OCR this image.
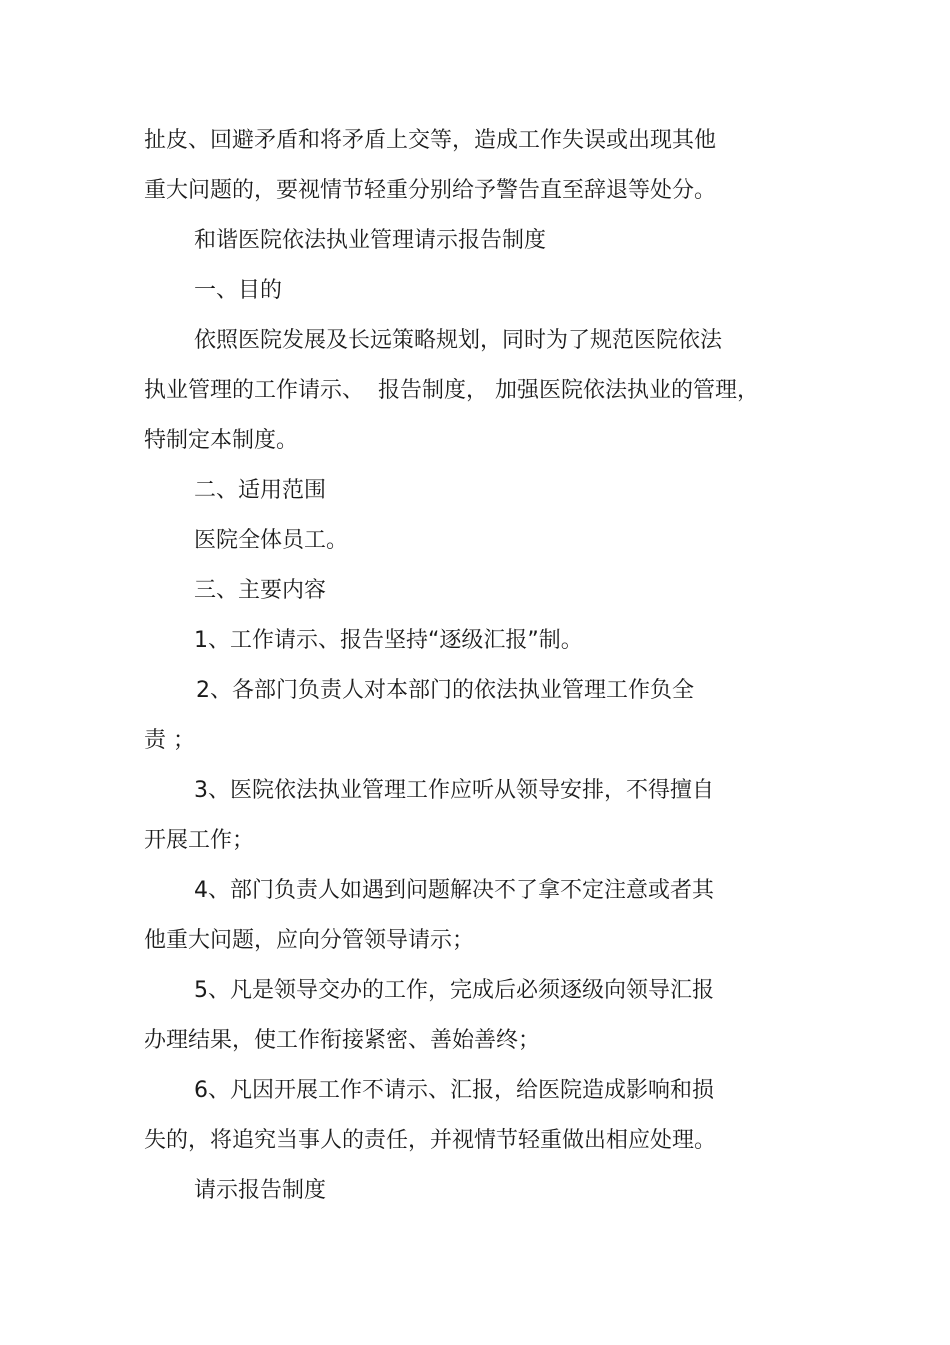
扯皮、回避矛盾和将矛盾上交等，造成工作失误或出现其他
重大问题的，要视情节轻重分别给予警告直至辞退等处分。
和谐医院依法执业管理请示报告制度
一、目的
依照医院发展及长远策略规划，同时为了规范医院依法
执业管理的工作请示、  报告制度， 加强医院依法执业的管理，
特制定本制度。
二、适用范围
医院全体员工。
三、主要内容
1、工作请示、报告坚持“逐级汇报”制。
2、各部门负责人对本部门的依法执业管理工作负全
责 ；
3、医院依法执业管理工作应听从领导安排，不得擅自
开展工作；
4、部门负责人如遇到问题解决不了拿不定注意或者其
他重大问题，应向分管领导请示；
5、凡是领导交办的工作，完成后必须逐级向领导汇报
办理结果，使工作衔接紧密、善始善终；
6、凡因开展工作不请示、汇报，给医院造成影响和损
失的，将追究当事人的责任，并视情节轻重做出相应处理。
请示报告制度
